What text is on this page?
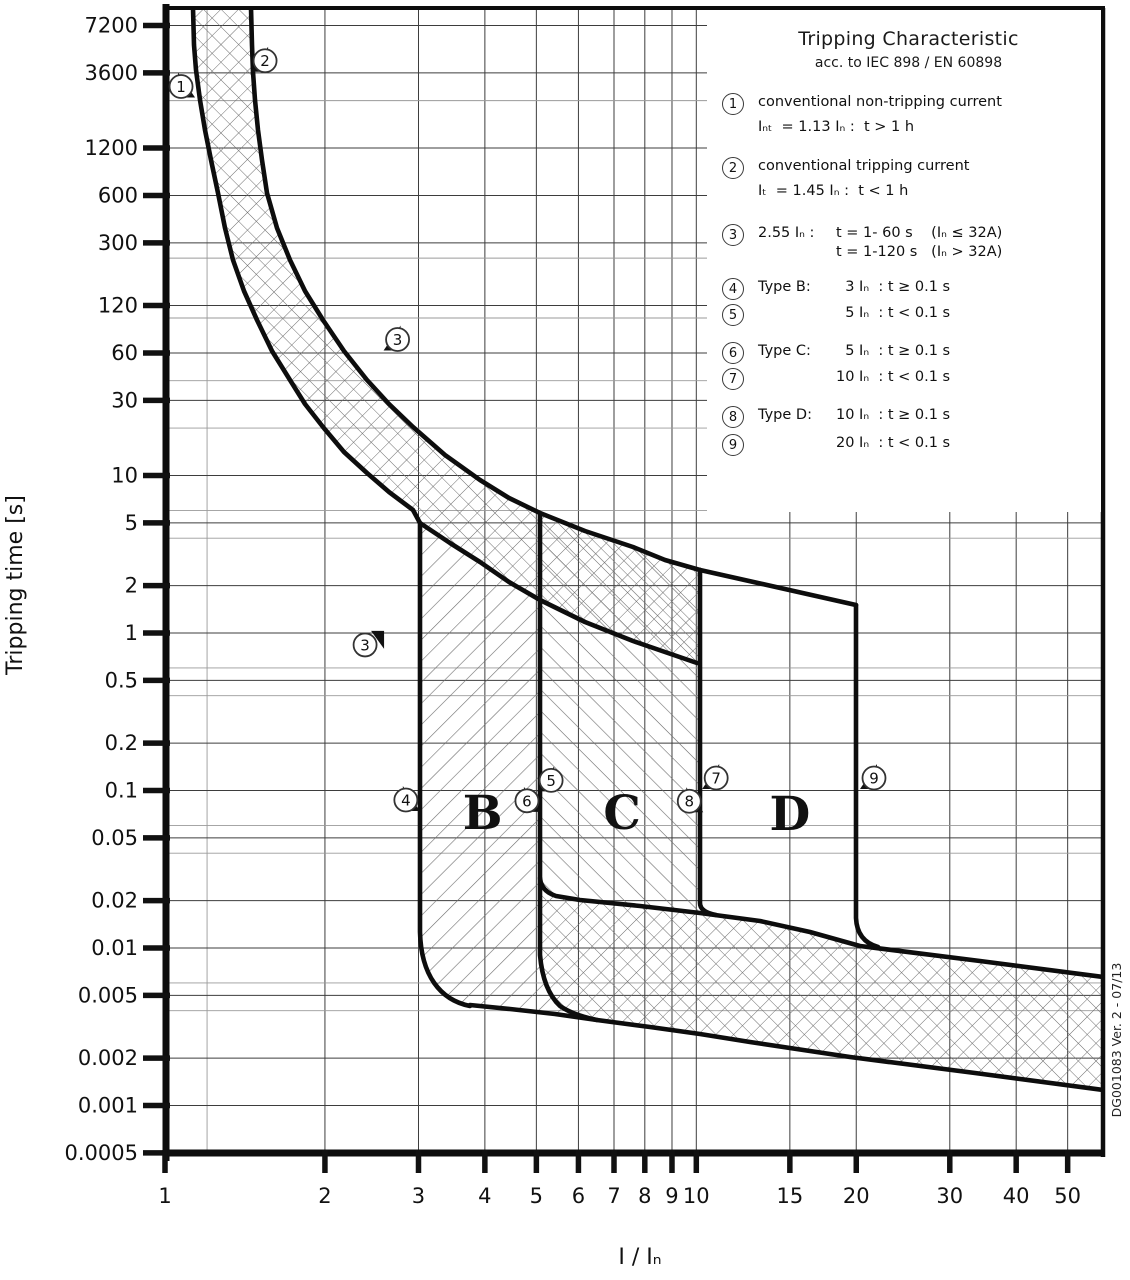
7200
3600
1200
600
300
120
60
30
10
5
2
1
0.5
0.2
0.1
0.05
0.02
0.01
0.005
0.002
0.001
0.0005
1	2	3	4 5 6 7 8 9 10	15 20	30 40 50
B C	D
1
2
3
3
4
5
6
7
8
9
Tripping time [s]
I / Iₙ
DG001083 Ver. 2 - 07/13
Tripping Characteristic
acc. to IEC 898 / EN 60898
1	conventional non-tripping current
Iₙₜ  = 1.13 Iₙ :  t > 1 h
2	conventional tripping current
Iₜ  = 1.45 Iₙ :  t < 1 h
3	2.55 Iₙ :	t = 1- 60 s    (Iₙ ≤ 32A)
t = 1-120 s   (Iₙ > 32A)
4	Type B:	3 Iₙ  : t ≥ 0.1 s
5	5 Iₙ  : t < 0.1 s
6	Type C:	5 Iₙ  : t ≥ 0.1 s
7	10 Iₙ  : t < 0.1 s
8	Type D:	10 Iₙ  : t ≥ 0.1 s
9	20 Iₙ  : t < 0.1 s
